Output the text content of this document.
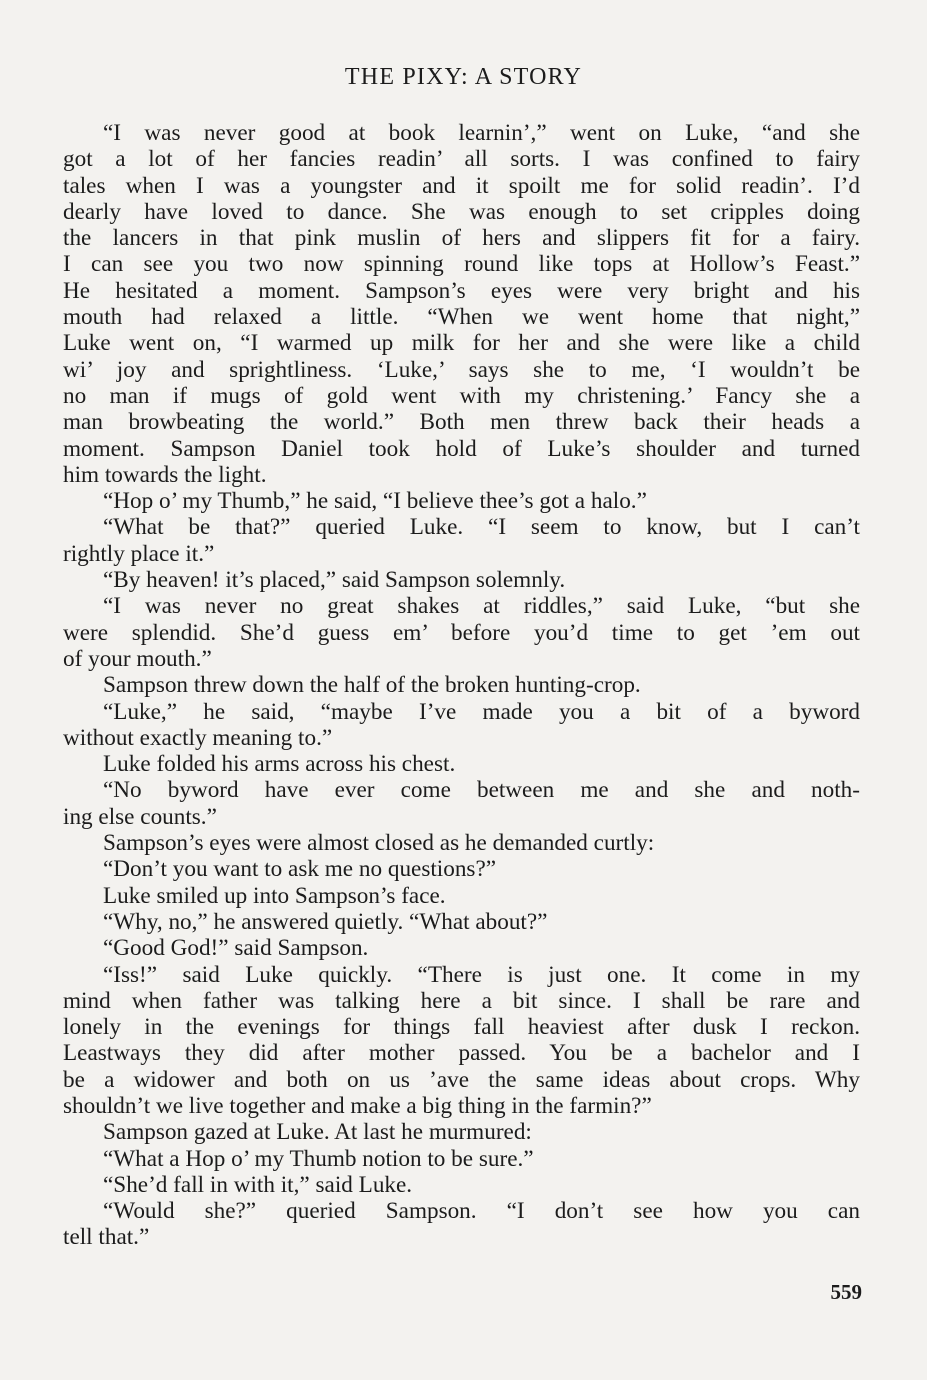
THE PIXY: A STORY
“I was never good at book learnin’,” went on Luke, “and she
got a lot of her fancies readin’ all sorts. I was confined to fairy
tales when I was a youngster and it spoilt me for solid readin’. I’d
dearly have loved to dance. She was enough to set cripples doing
the lancers in that pink muslin of hers and slippers fit for a fairy.
I can see you two now spinning round like tops at Hollow’s Feast.”
He hesitated a moment. Sampson’s eyes were very bright and his
mouth had relaxed a little. “When we went home that night,”
Luke went on, “I warmed up milk for her and she were like a child
wi’ joy and sprightliness. ‘Luke,’ says she to me, ‘I wouldn’t be
no man if mugs of gold went with my christening.’ Fancy she a
man browbeating the world.” Both men threw back their heads a
moment. Sampson Daniel took hold of Luke’s shoulder and turned
him towards the light.
“Hop o’ my Thumb,” he said, “I believe thee’s got a halo.”
“What be that?” queried Luke. “I seem to know, but I can’t
rightly place it.”
“By heaven! it’s placed,” said Sampson solemnly.
“I was never no great shakes at riddles,” said Luke, “but she
were splendid. She’d guess em’ before you’d time to get ’em out
of your mouth.”
Sampson threw down the half of the broken hunting-crop.
“Luke,” he said, “maybe I’ve made you a bit of a byword
without exactly meaning to.”
Luke folded his arms across his chest.
“No byword have ever come between me and she and noth-
ing else counts.”
Sampson’s eyes were almost closed as he demanded curtly:
“Don’t you want to ask me no questions?”
Luke smiled up into Sampson’s face.
“Why, no,” he answered quietly. “What about?”
“Good God!” said Sampson.
“Iss!” said Luke quickly. “There is just one. It come in my
mind when father was talking here a bit since. I shall be rare and
lonely in the evenings for things fall heaviest after dusk I reckon.
Leastways they did after mother passed. You be a bachelor and I
be a widower and both on us ’ave the same ideas about crops. Why
shouldn’t we live together and make a big thing in the farmin?”
Sampson gazed at Luke. At last he murmured:
“What a Hop o’ my Thumb notion to be sure.”
“She’d fall in with it,” said Luke.
“Would she?” queried Sampson. “I don’t see how you can
tell that.”
559
